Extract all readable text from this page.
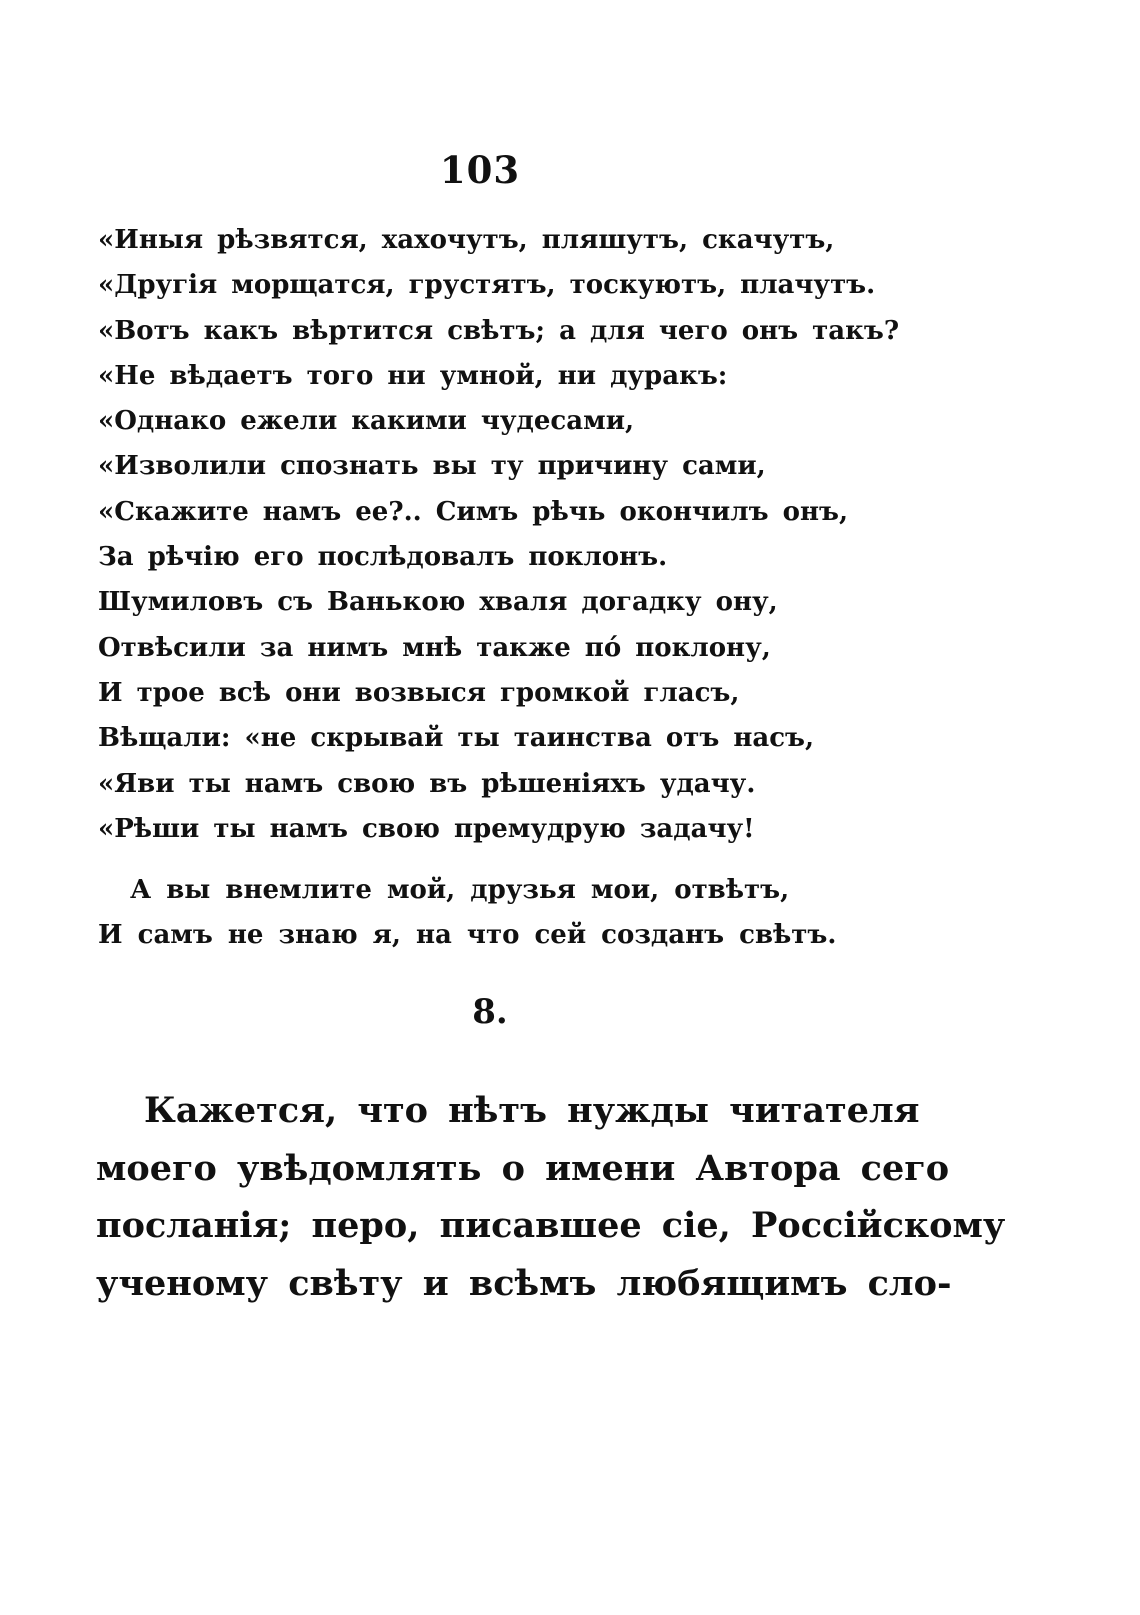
103
«Иныя рѣзвятся, хахочутъ, пляшутъ, скачутъ,
«Другія морщатся, грустятъ, тоскуютъ, плачутъ.
«Вотъ какъ вѣртится свѣтъ; а для чего онъ такъ?
«Не вѣдаетъ того ни умной, ни дуракъ:
«Однако ежели какими чудесами,
«Изволили спознать вы ту причину сами,
«Скажите намъ ее?.. Симъ рѣчь окончилъ онъ,
За рѣчію его послѣдовалъ поклонъ.
Шумиловъ съ Ванькою хваля догадку ону,
Отвѣсили за нимъ мнѣ также по́ поклону,
И трое всѣ они возвыся громкой гласъ,
Вѣщали: «не скрывай ты таинства отъ насъ,
«Яви ты намъ свою въ рѣшеніяхъ удачу.
«Рѣши ты намъ свою премудрую задачу!
А вы внемлите мой, друзья мои, отвѣтъ,
И самъ не знаю я, на что сей созданъ свѣтъ.
8.
Кажется, что нѣтъ нужды читателя
моего увѣдомлять о имени Автора сего
посланія; перо, писавшее сіе, Россійскому
ученому свѣту и всѣмъ любящимъ сло-
